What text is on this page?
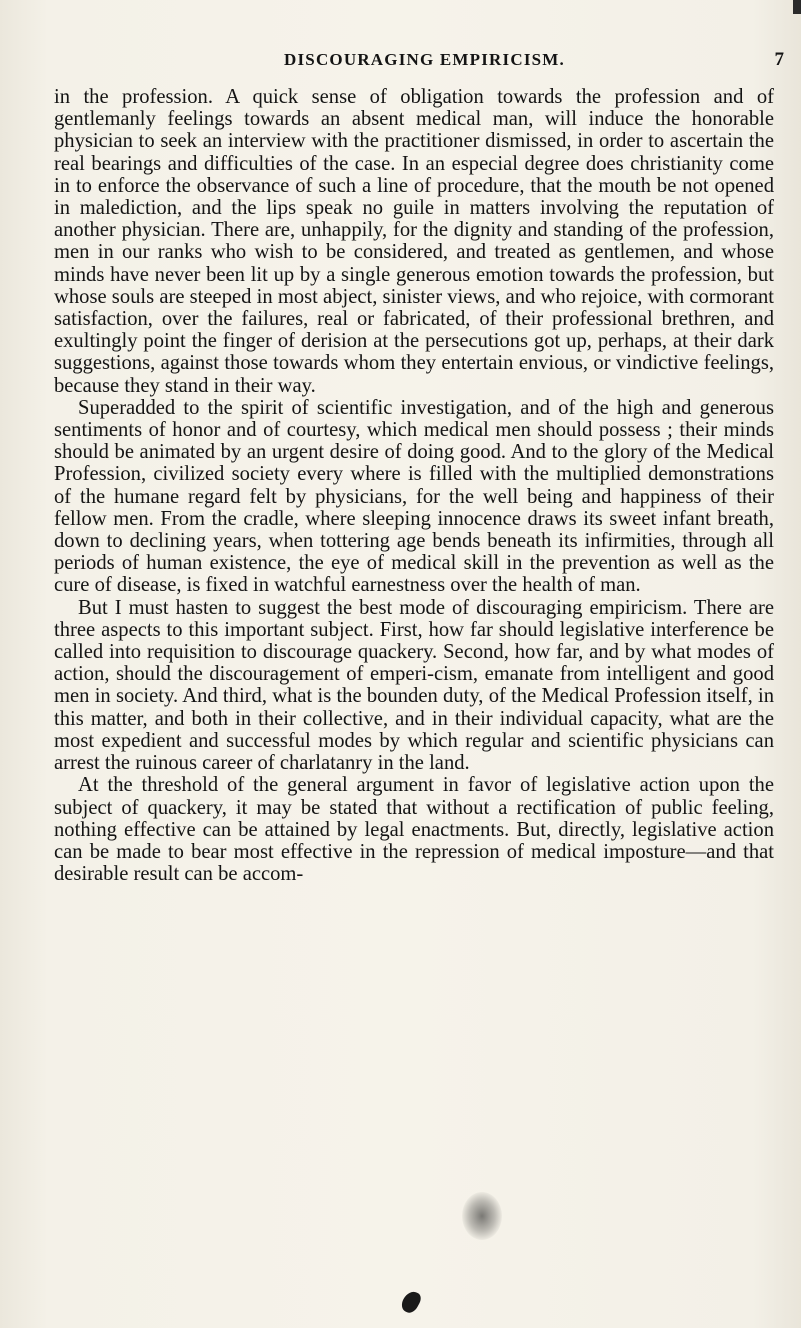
DISCOURAGING EMPIRICISM.	7

in the profession. A quick sense of obligation towards the profession and of gentlemanly feelings towards an absent medical man, will induce the honorable physician to seek an interview with the practitioner dismissed, in order to ascertain the real bearings and difficulties of the case. In an especial degree does christianity come in to enforce the observance of such a line of procedure, that the mouth be not opened in malediction, and the lips speak no guile in matters involving the reputation of another physician. There are, unhappily, for the dignity and standing of the profession, men in our ranks who wish to be considered, and treated as gentlemen, and whose minds have never been lit up by a single generous emotion towards the profession, but whose souls are steeped in most abject, sinister views, and who rejoice, with cormorant satisfaction, over the failures, real or fabricated, of their professional brethren, and exultingly point the finger of derision at the persecutions got up, perhaps, at their dark suggestions, against those towards whom they entertain envious, or vindictive feelings, because they stand in their way.

Superadded to the spirit of scientific investigation, and of the high and generous sentiments of honor and of courtesy, which medical men should possess ; their minds should be animated by an urgent desire of doing good. And to the glory of the Medical Profession, civilized society every where is filled with the multiplied demonstrations of the humane regard felt by physicians, for the well being and happiness of their fellow men. From the cradle, where sleeping innocence draws its sweet infant breath, down to declining years, when tottering age bends beneath its infirmities, through all periods of human existence, the eye of medical skill in the prevention as well as the cure of disease, is fixed in watchful earnestness over the health of man.

But I must hasten to suggest the best mode of discouraging empiricism. There are three aspects to this important subject. First, how far should legislative interference be called into requisition to discourage quackery. Second, how far, and by what modes of action, should the discouragement of emperi-cism, emanate from intelligent and good men in society. And third, what is the bounden duty, of the Medical Profession itself, in this matter, and both in their collective, and in their individual capacity, what are the most expedient and successful modes by which regular and scientific physicians can arrest the ruinous career of charlatanry in the land.

At the threshold of the general argument in favor of legislative action upon the subject of quackery, it may be stated that without a rectification of public feeling, nothing effective can be attained by legal enactments. But, directly, legislative action can be made to bear most effective in the repression of medical imposture—and that desirable result can be accom-
